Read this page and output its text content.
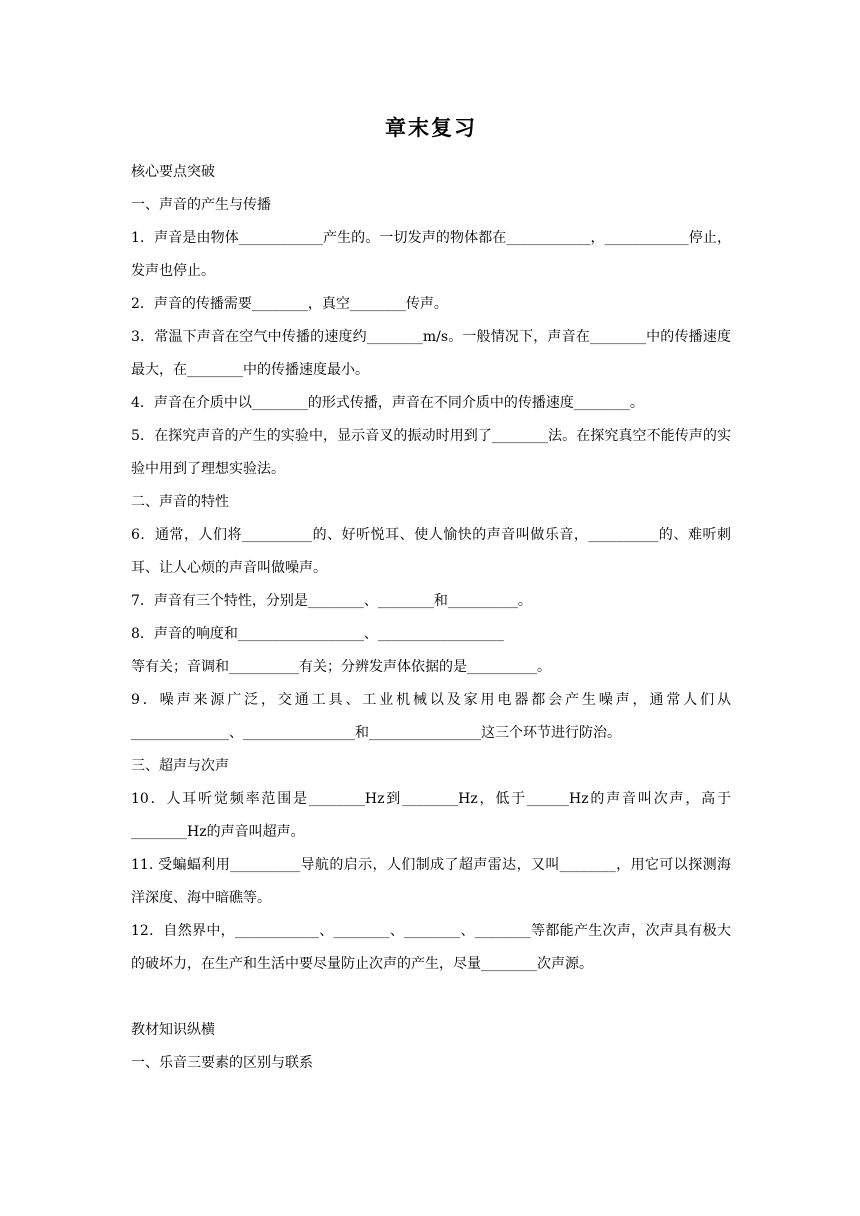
章末复习
核心要点突破
一、声音的产生与传播
1．声音是由物体____________产生的。一切发声的物体都在____________，____________停止，发声也停止。
2．声音的传播需要________，真空________传声。
3．常温下声音在空气中传播的速度约________m/s。一般情况下，声音在________中的传播速度最大，在________中的传播速度最小。
4．声音在介质中以________的形式传播，声音在不同介质中的传播速度________。
5．在探究声音的产生的实验中，显示音叉的振动时用到了________法。在探究真空不能传声的实验中用到了理想实验法。
二、声音的特性
6．通常，人们将__________的、好听悦耳、使人愉快的声音叫做乐音，__________的、难听刺耳、让人心烦的声音叫做噪声。
7．声音有三个特性，分别是________、________和__________。
8．声音的响度和__________________、__________________
等有关；音调和__________有关；分辨发声体依据的是__________。
9．噪声来源广泛，交通工具、工业机械以及家用电器都会产生噪声，通常人们从______________、________________和________________这三个环节进行防治。
三、超声与次声
10．人耳听觉频率范围是________Hz到________Hz，低于______Hz的声音叫次声，高于________Hz的声音叫超声。
11. 受蝙蝠利用__________导航的启示，人们制成了超声雷达，又叫________，用它可以探测海洋深度、海中暗礁等。
12．自然界中，____________、________、________、________等都能产生次声，次声具有极大的破坏力，在生产和生活中要尽量防止次声的产生，尽量________次声源。
教材知识纵横
一、乐音三要素的区别与联系
